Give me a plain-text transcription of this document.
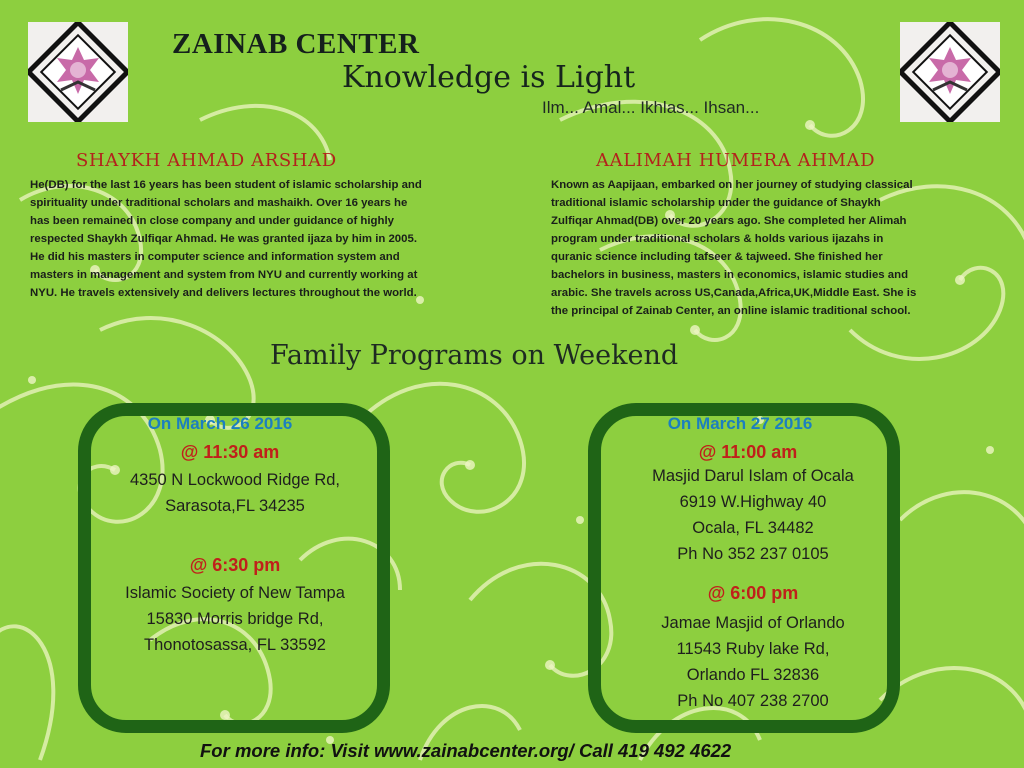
ZAINAB CENTER
Knowledge is Light
Ilm... Amal... Ikhlas... Ihsan...
SHAYKH AHMAD ARSHAD
He(DB) for the last 16 years has been student of islamic scholarship and
spirituality under traditional scholars and mashaikh. Over 16 years he
has been remained in close company and under guidance of highly
respected Shaykh Zulfiqar Ahmad. He was granted ijaza by him in 2005.
He did his masters in computer science and information system and
masters in management and system from NYU and currently working at
NYU. He travels extensively and delivers lectures throughout the world.
AALIMAH HUMERA AHMAD
Known as Aapijaan, embarked on her journey of studying classical
traditional islamic scholarship under the guidance of Shaykh
Zulfiqar Ahmad(DB) over 20 years ago. She completed her Alimah
program under traditional scholars & holds various ijazahs in
quranic science including tafseer & tajweed. She finished her
bachelors in business, masters in economics, islamic studies and
arabic. She travels across US,Canada,Africa,UK,Middle East. She is
the principal of Zainab Center, an online islamic traditional school.
Family Programs on Weekend
On March 26 2016
@ 11:30 am
4350 N Lockwood Ridge Rd,
Sarasota,FL 34235
@ 6:30 pm
Islamic Society of New Tampa
15830 Morris bridge Rd,
Thonotosassa, FL 33592
On March 27 2016
@ 11:00 am
Masjid Darul Islam of Ocala
6919 W.Highway 40
Ocala, FL 34482
Ph No 352 237 0105
@ 6:00 pm
Jamae Masjid of Orlando
11543 Ruby lake Rd,
Orlando FL 32836
Ph No 407 238 2700
For more info: Visit www.zainabcenter.org/ Call 419 492 4622
